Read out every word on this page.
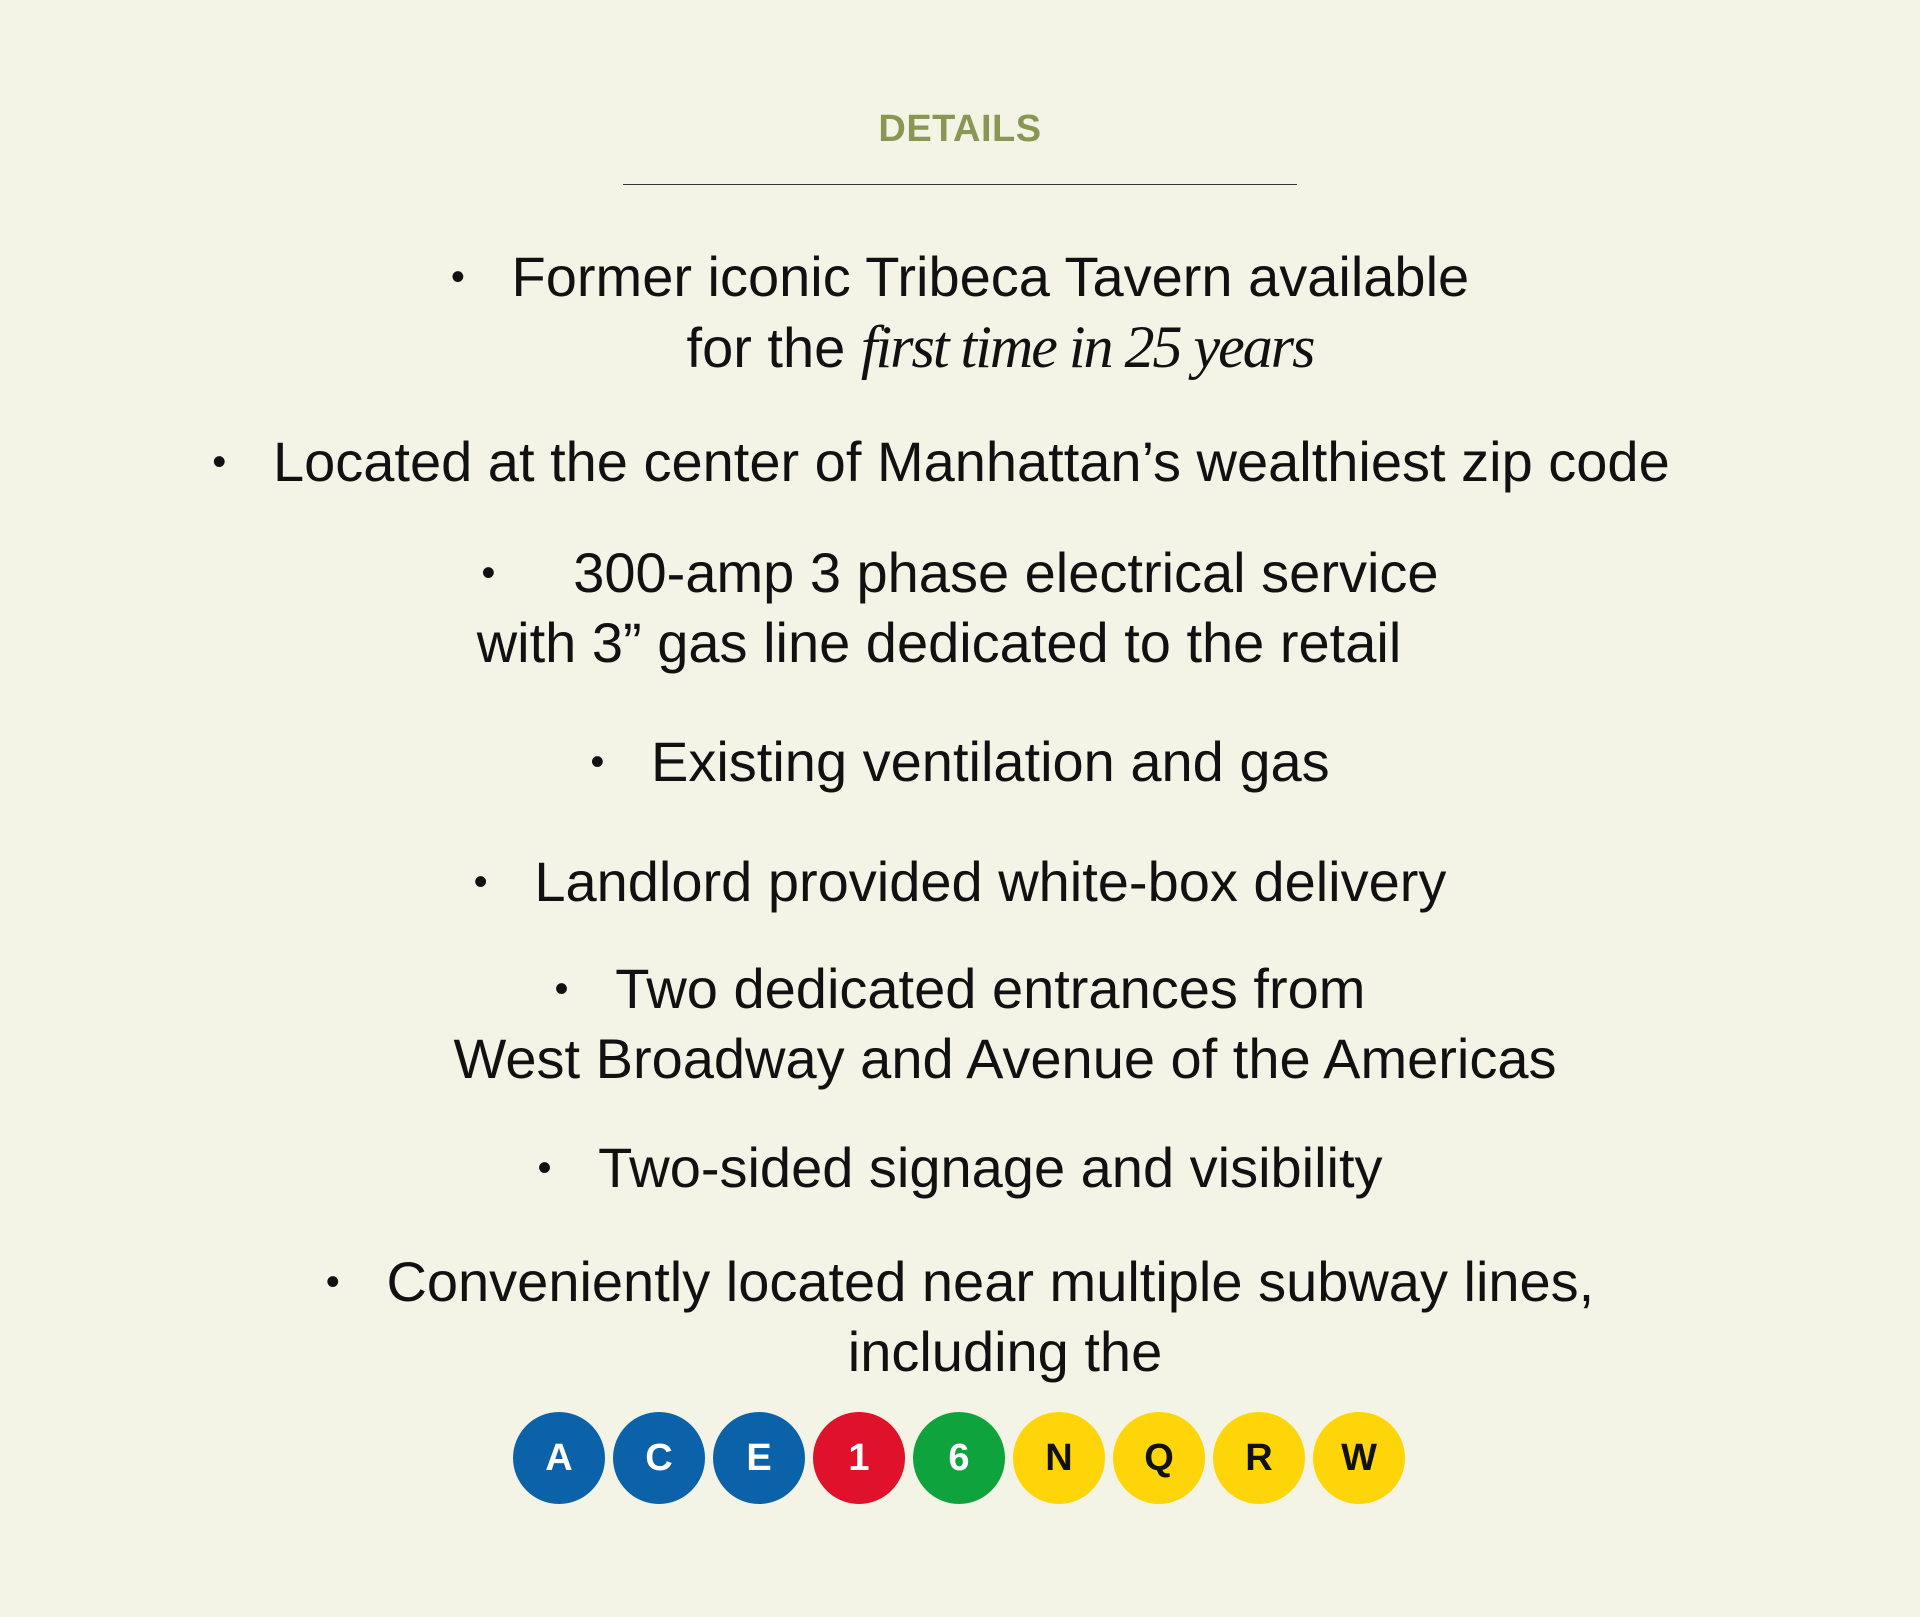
DETAILS
• Former iconic Tribeca Tavern available
for the first time in 25 years
• Located at the center of Manhattan’s wealthiest zip code
• 300-amp 3 phase electrical service
with 3” gas line dedicated to the retail
• Existing ventilation and gas
• Landlord provided white-box delivery
• Two dedicated entrances from
West Broadway and Avenue of the Americas
• Two-sided signage and visibility
• Conveniently located near multiple subway lines,
including the
A	C	E	1	6	N	Q	R	W
